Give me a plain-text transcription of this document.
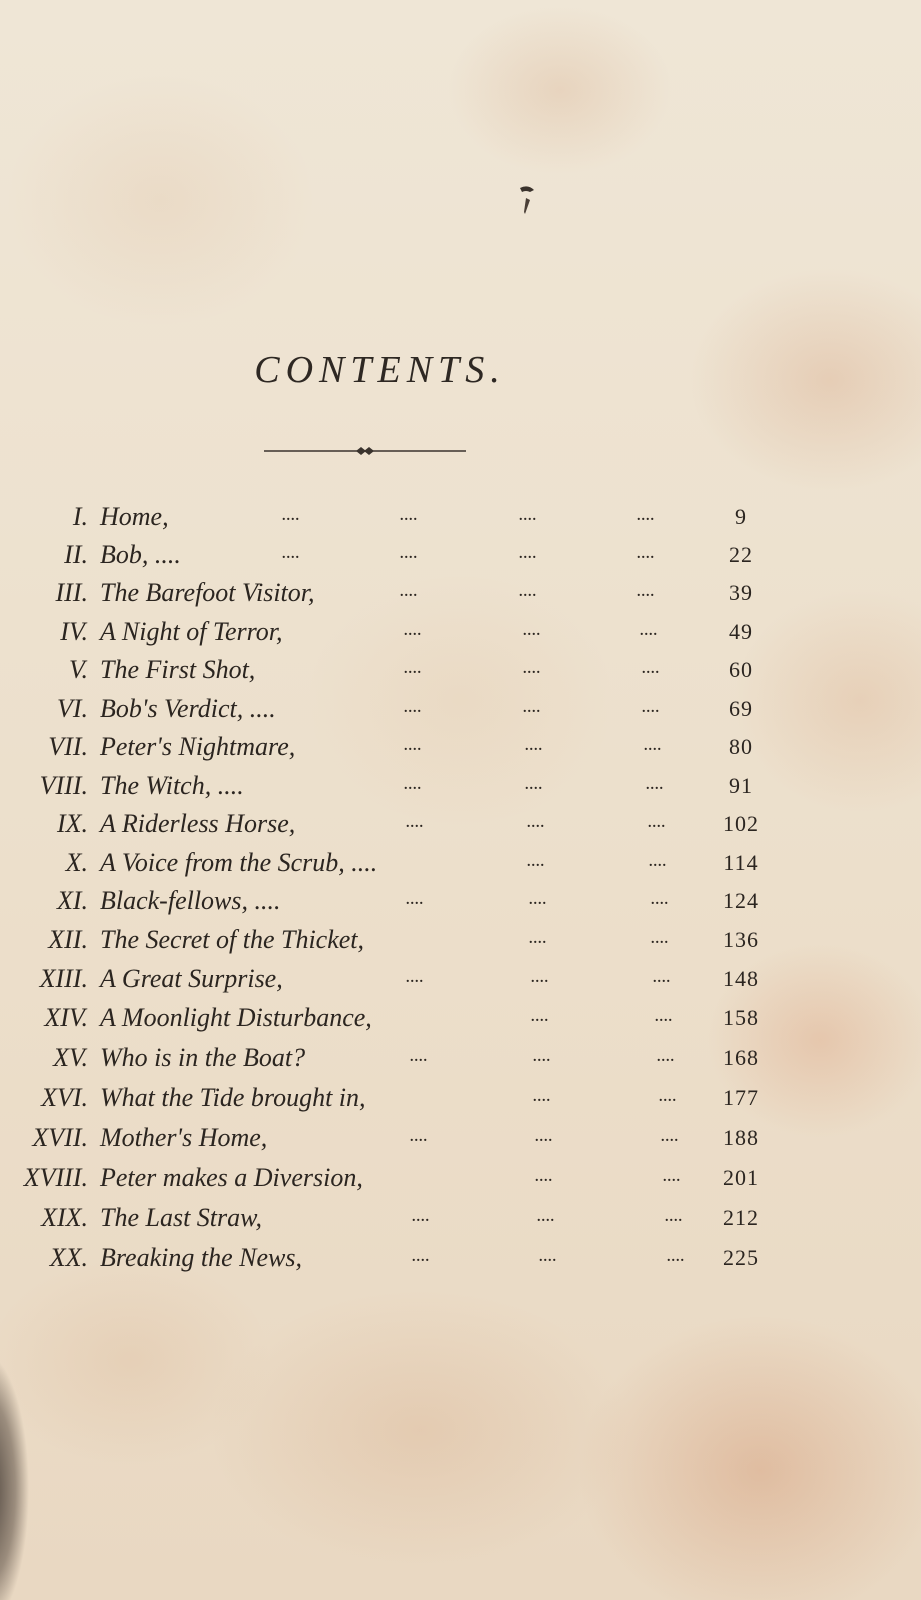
CONTENTS.
I. Home,	....	....	....	....	9
II. Bob, ....	....	....	....	....	22
III. The Barefoot Visitor,	....	....	....	39
IV. A Night of Terror,	....	....	....	49
V. The First Shot,	....	....	....	60
VI. Bob's Verdict, ....	....	....	....	69
VII. Peter's Nightmare,	....	....	....	80
VIII. The Witch, ....	....	....	....	91
IX. A Riderless Horse,	....	....	....	102
X. A Voice from the Scrub, ....	....	....	114
XI. Black-fellows, ....	....	....	....	124
XII. The Secret of the Thicket,	....	....	136
XIII. A Great Surprise,	....	....	....	148
XIV. A Moonlight Disturbance,	....	....	158
XV. Who is in the Boat?	....	....	....	168
XVI. What the Tide brought in,	....	....	177
XVII. Mother's Home,	....	....	....	188
XVIII. Peter makes a Diversion,	....	....	201
XIX. The Last Straw,	....	....	....	212
XX. Breaking the News,	....	....	....	225
